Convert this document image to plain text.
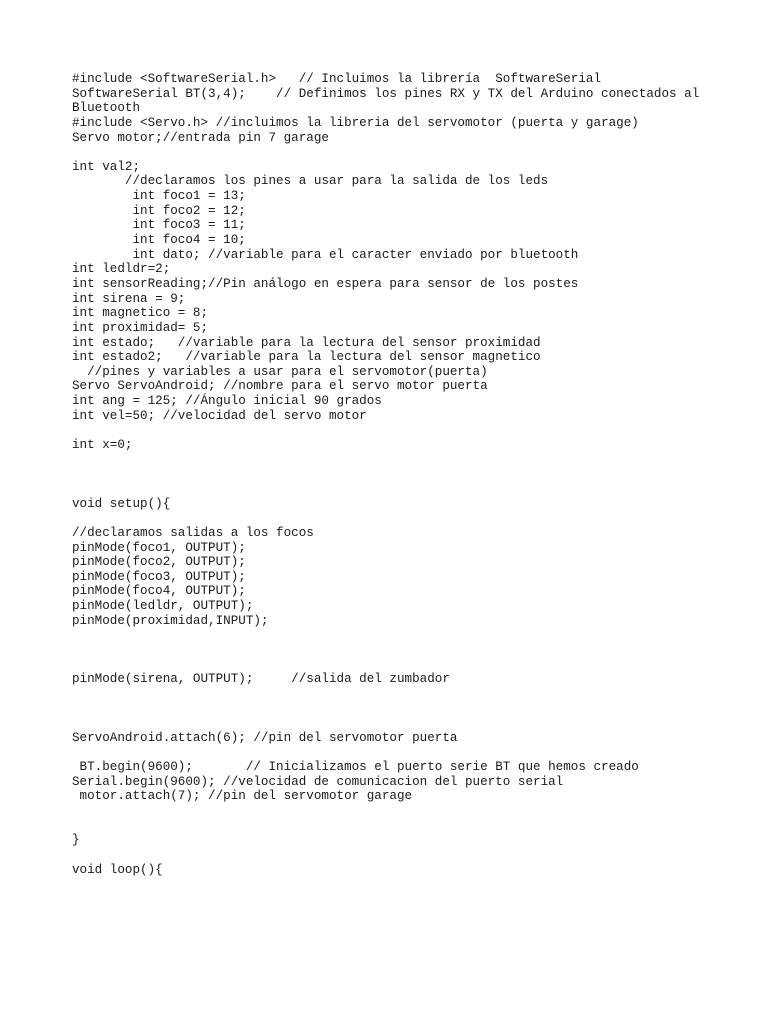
#include <SoftwareSerial.h>   // Incluimos la librería  SoftwareSerial
SoftwareSerial BT(3,4);    // Definimos los pines RX y TX del Arduino conectados al
Bluetooth
#include <Servo.h> //incluimos la libreria del servomotor (puerta y garage)
Servo motor;//entrada pin 7 garage
int val2;
//declaramos los pines a usar para la salida de los leds
int foco1 = 13;
int foco2 = 12;
int foco3 = 11;
int foco4 = 10;
int dato; //variable para el caracter enviado por bluetooth
int ledldr=2;
int sensorReading;//Pin análogo en espera para sensor de los postes
int sirena = 9;
int magnetico = 8;
int proximidad= 5;
int estado;   //variable para la lectura del sensor proximidad
int estado2;   //variable para la lectura del sensor magnetico
//pines y variables a usar para el servomotor(puerta)
Servo ServoAndroid; //nombre para el servo motor puerta
int ang = 125; //Ángulo inicial 90 grados
int vel=50; //velocidad del servo motor
int x=0;
void setup(){
//declaramos salidas a los focos
pinMode(foco1, OUTPUT);
pinMode(foco2, OUTPUT);
pinMode(foco3, OUTPUT);
pinMode(foco4, OUTPUT);
pinMode(ledldr, OUTPUT);
pinMode(proximidad,INPUT);
pinMode(sirena, OUTPUT);     //salida del zumbador
ServoAndroid.attach(6); //pin del servomotor puerta
BT.begin(9600);       // Inicializamos el puerto serie BT que hemos creado
Serial.begin(9600); //velocidad de comunicacion del puerto serial
motor.attach(7); //pin del servomotor garage
}
void loop(){
